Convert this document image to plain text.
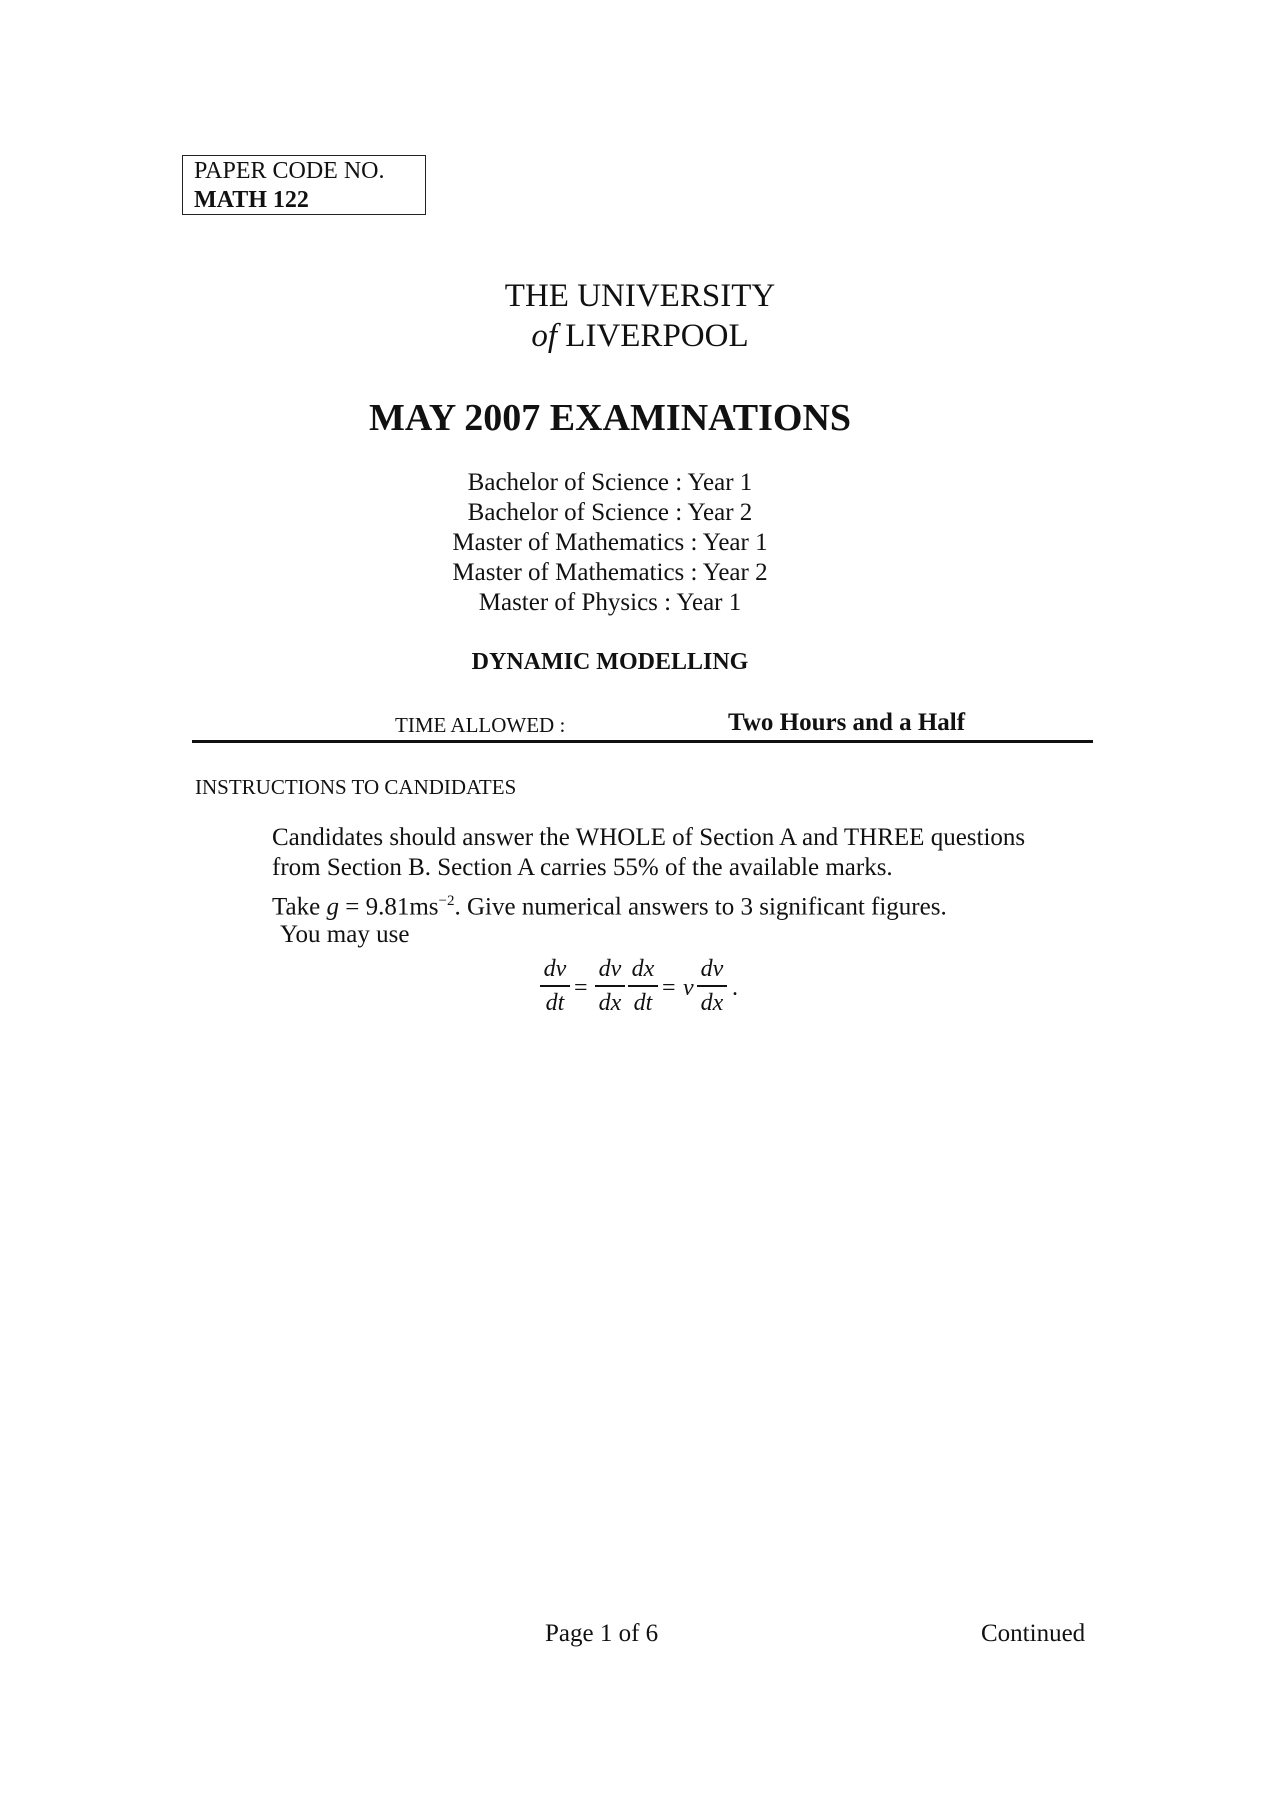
PAPER CODE NO.
MATH 122
THE UNIVERSITY
of LIVERPOOL
MAY 2007 EXAMINATIONS
Bachelor of Science : Year 1
Bachelor of Science : Year 2
Master of Mathematics : Year 1
Master of Mathematics : Year 2
Master of Physics : Year 1
DYNAMIC MODELLING
TIME ALLOWED :	Two Hours and a Half
INSTRUCTIONS TO CANDIDATES
Candidates should answer the WHOLE of Section A and THREE questions
from Section B. Section A carries 55% of the available marks.
Take $g = 9.81ms^{-2}$. Give numerical answers to 3 significant figures.
You may use
dv
dt
=
dv
dx
dx
dt
= v
dv
dx
.
Page 1 of 6	Continued
